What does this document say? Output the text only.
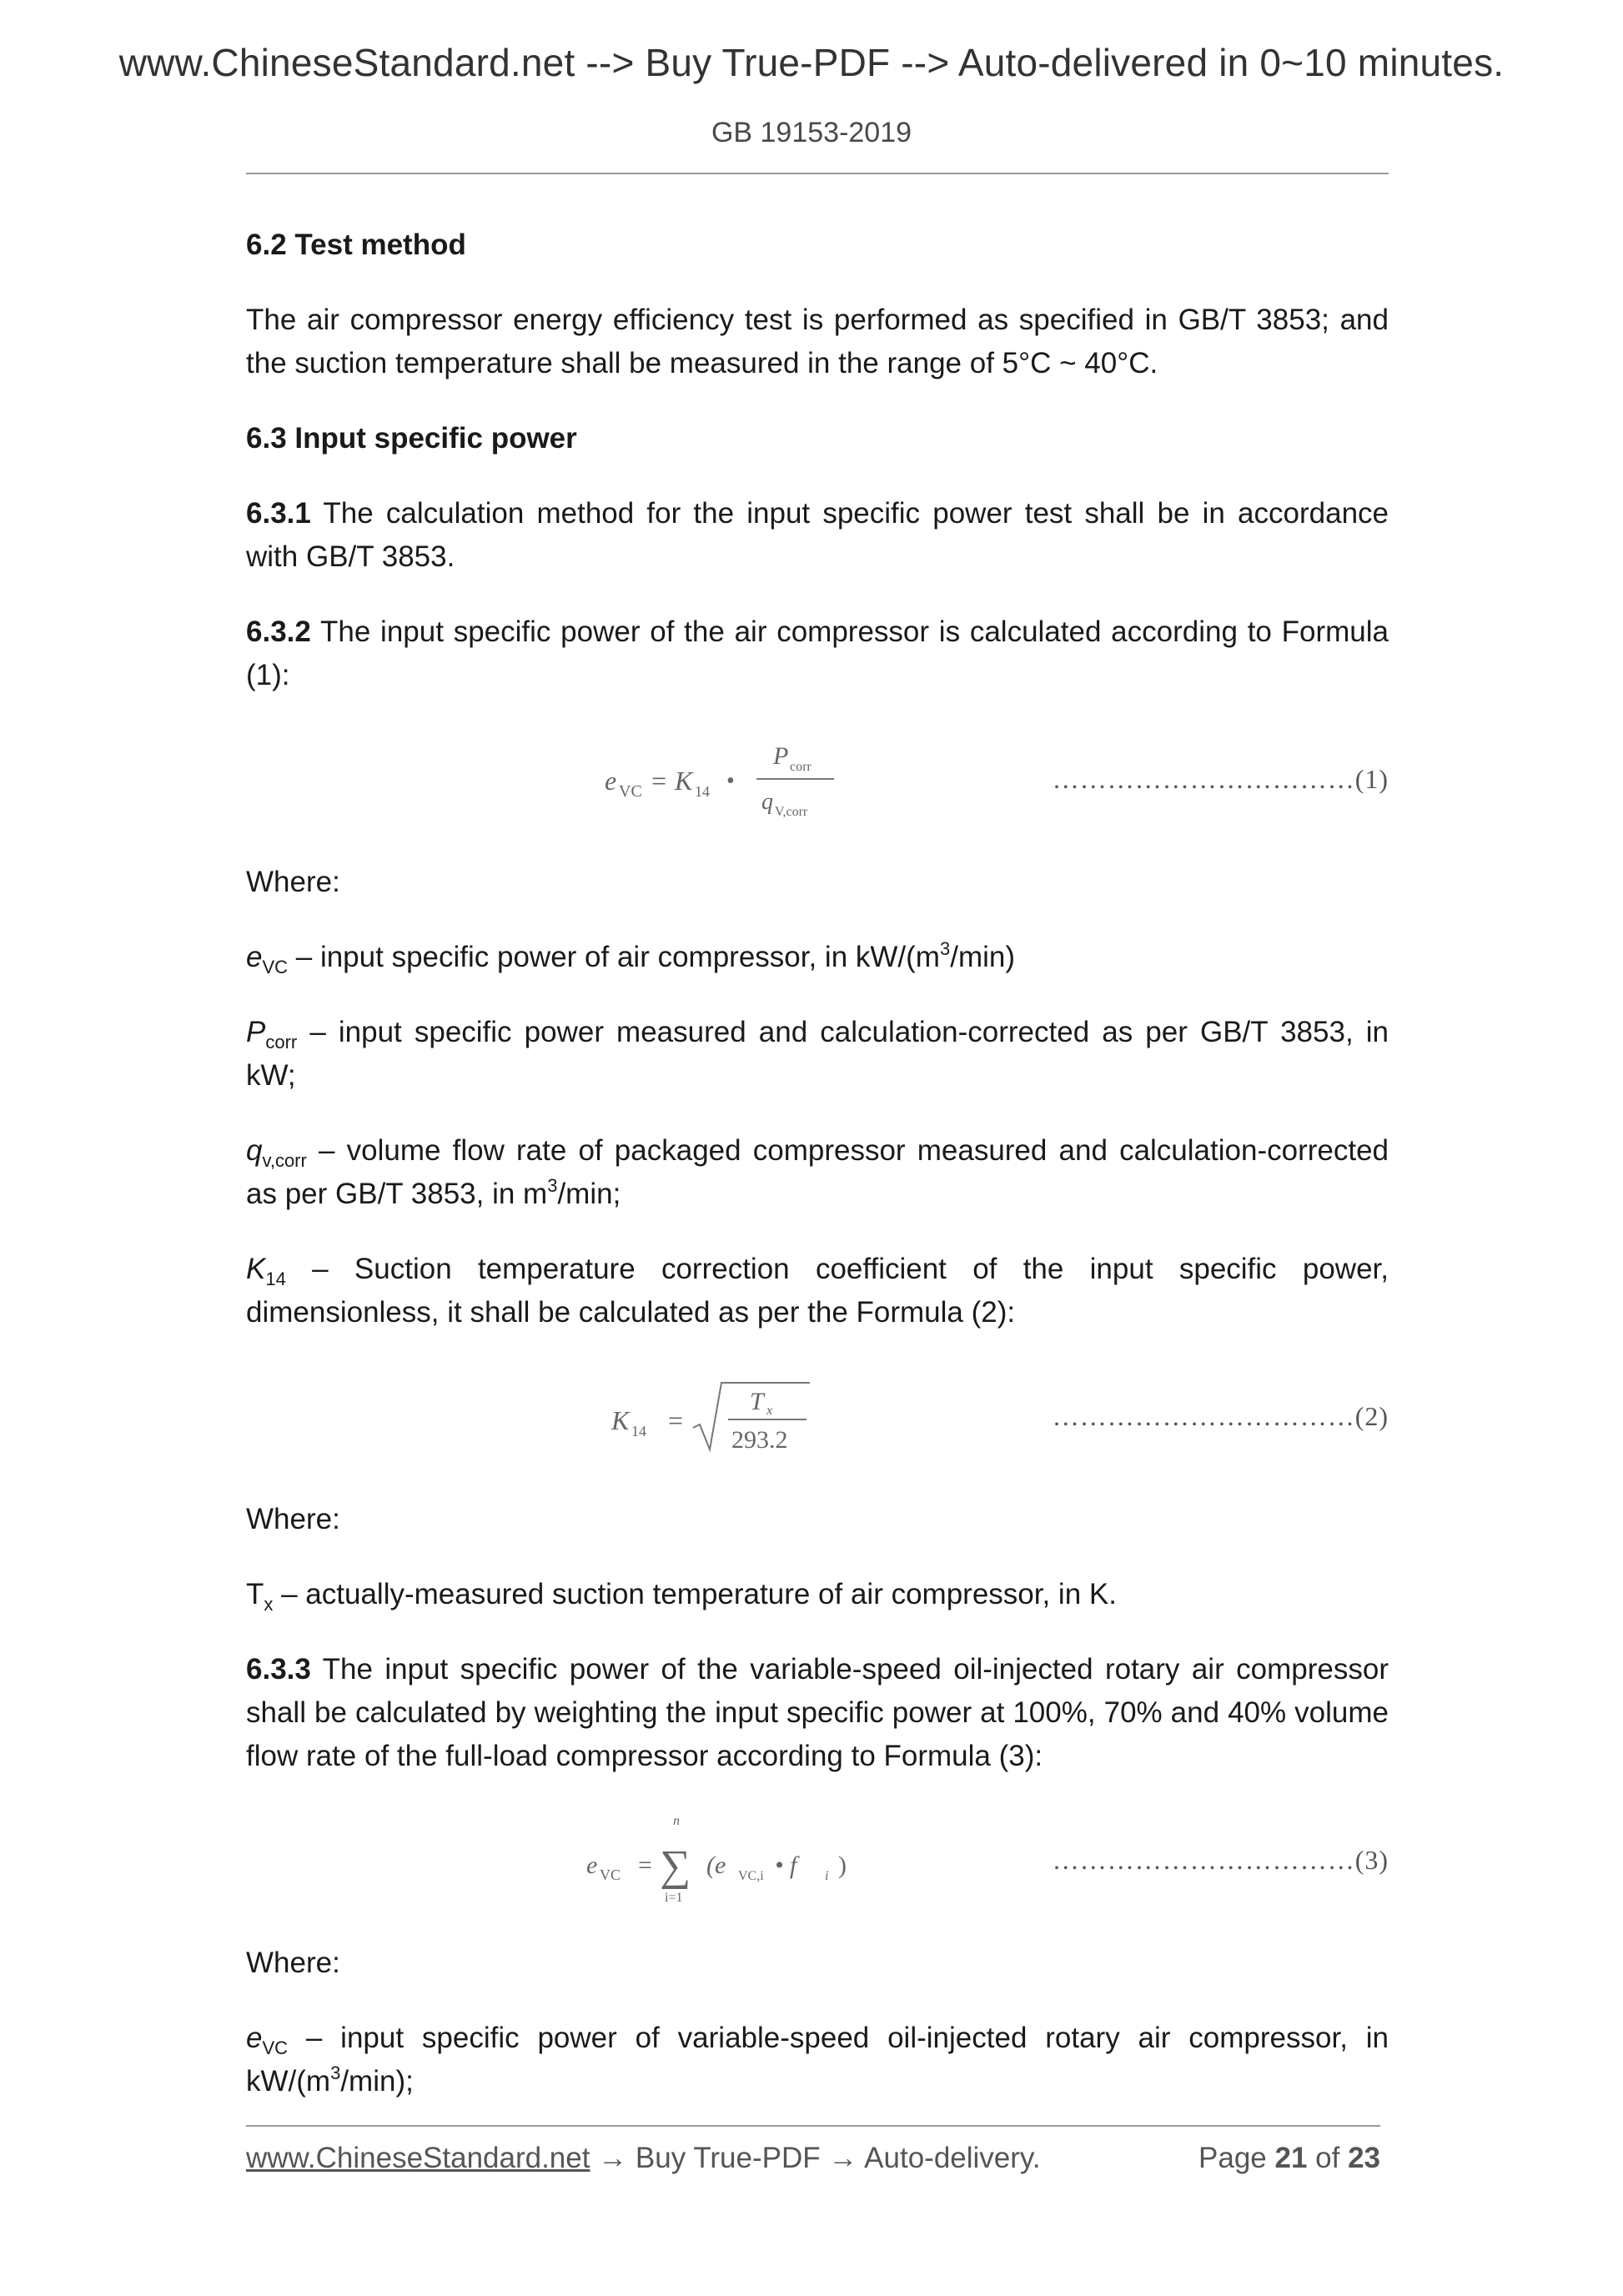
www.ChineseStandard.net --> Buy True-PDF --> Auto-delivered in 0~10 minutes.
GB 19153-2019

6.2 Test method

The air compressor energy efficiency test is performed as specified in GB/T 3853; and the suction temperature shall be measured in the range of 5°C ~ 40°C.

6.3 Input specific power

6.3.1 The calculation method for the input specific power test shall be in accordance with GB/T 3853.

6.3.2 The input specific power of the air compressor is calculated according to Formula (1):

e VC = K 14 •
P corr
q V,corr
……………………………(1)

Where:

$e_{VC}$ – input specific power of air compressor, in $kW/(m^3/\min)$

$P_{corr}$ – input specific power measured and calculation-corrected as per GB/T 3853, in kW;

$q_{v,corr}$ – volume flow rate of packaged compressor measured and calculation-corrected as per GB/T 3853, in $m^3/\min$;

$K_{14}$ – Suction temperature correction coefficient of the input specific power, dimensionless, it shall be calculated as per the Formula (2):

K 14 =
T x
293.2
……………………………(2)

Where:

$T_x$ – actually-measured suction temperature of air compressor, in K.

6.3.3 The input specific power of the variable-speed oil-injected rotary air compressor shall be calculated by weighting the input specific power at 100%, 70% and 40% volume flow rate of the full-load compressor according to Formula (3):

e VC =
n
∑
i=1
(e VC,i • f i )	……………………………(3)

Where:

$e_{VC}$ – input specific power of variable-speed oil-injected rotary air compressor, in $kW/(m^3/\min)$;

www.ChineseStandard.net → Buy True-PDF → Auto-delivery.	Page 21 of 23
